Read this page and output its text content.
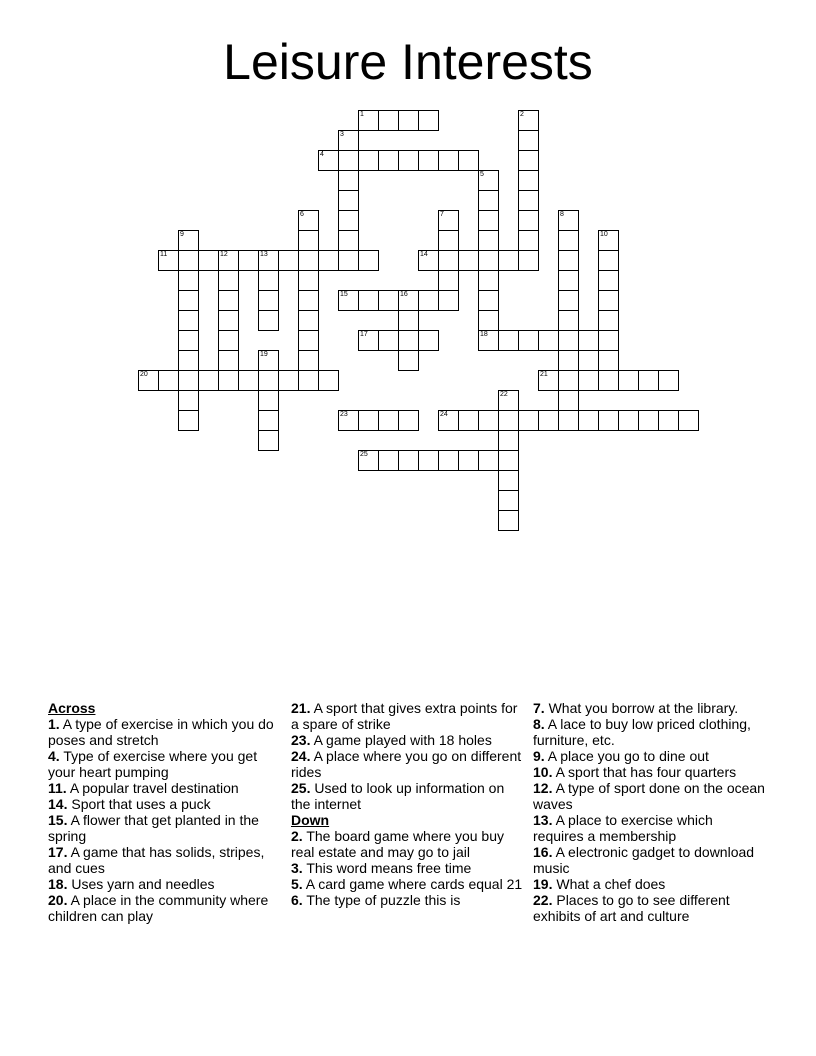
Leisure Interests
1	2
3
4
5
18
6	7	8
9	10
11	12	13	14
15	16
17
19
20	21
22
23	24
25

Across

1. A type of exercise in which you do poses and stretch

4. Type of exercise where you get your heart pumping

11. A popular travel destination

14. Sport that uses a puck

15. A flower that get planted in the spring

17. A game that has solids, stripes, and cues

18. Uses yarn and needles

20. A place in the community where children can play

21. A sport that gives extra points for a spare of strike

23. A game played with 18 holes

24. A place where you go on different rides

25. Used to look up information on the internet

Down

2. The board game where you buy real estate and may go to jail

3. This word means free time

5. A card game where cards equal 21

6. The type of puzzle this is

7. What you borrow at the library.

8. A lace to buy low priced clothing, furniture, etc.

9. A place you go to dine out

10. A sport that has four quarters

12. A type of sport done on the ocean waves

13. A place to exercise which requires a membership

16. A electronic gadget to download music

19. What a chef does

22. Places to go to see different exhibits of art and culture
